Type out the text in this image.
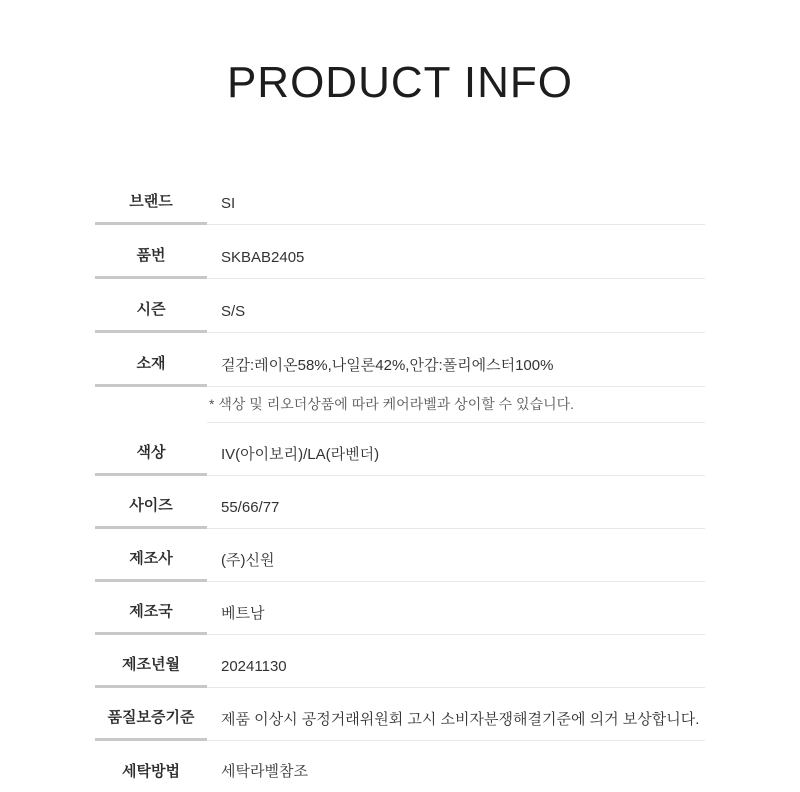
PRODUCT INFO
브랜드	SI
품번	SKBAB2405
시즌	S/S
소재	겉감:레이온58%,나일론42%,안감:폴리에스터100%
	* 색상 및 리오더상품에 따라 케어라벨과 상이할 수 있습니다.
색상	IV(아이보리)/LA(라벤더)
사이즈	55/66/77
제조사	(주)신원
제조국	베트남
제조년월	20241130
품질보증기준	제품 이상시 공정거래위원회 고시 소비자분쟁해결기준에 의거 보상합니다.
세탁방법	세탁라벨참조
